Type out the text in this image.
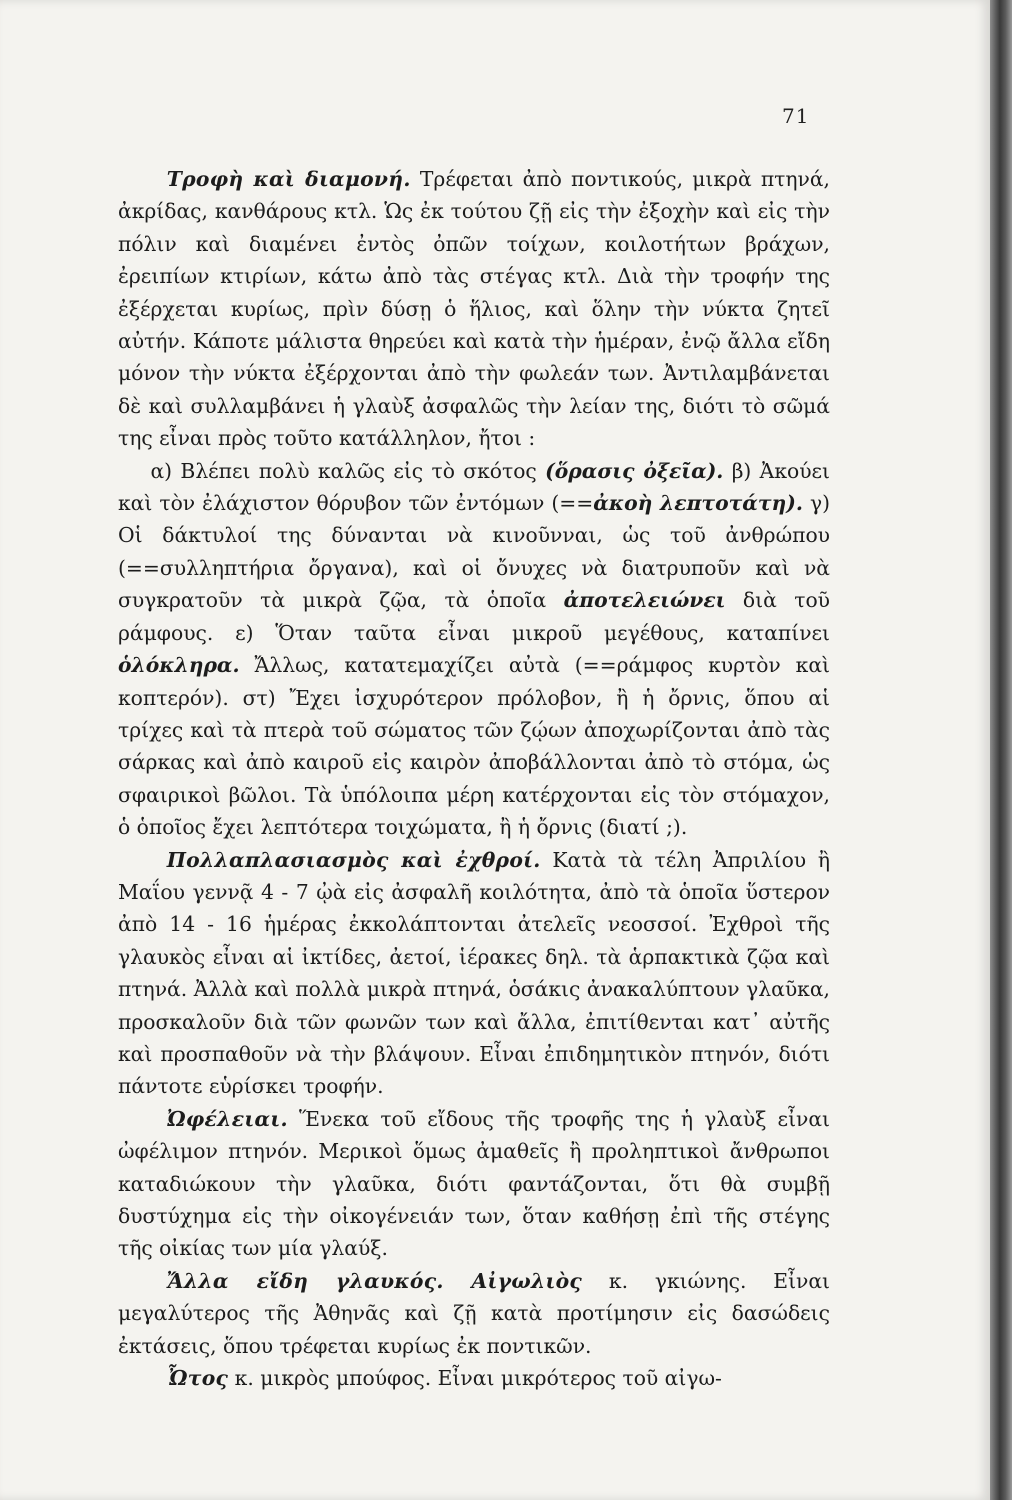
71

Τροφὴ καὶ διαμονή. Τρέφεται ἀπὸ ποντικούς, μικρὰ πτηνά, ἀκρίδας, κανθάρους κτλ. Ὡς ἐκ τούτου ζῇ εἰς τὴν ἐξοχὴν καὶ εἰς τὴν πόλιν καὶ διαμένει ἐντὸς ὀπῶν τοίχων, κοιλοτήτων βράχων, ἐρειπίων κτιρίων, κάτω ἀπὸ τὰς στέγας κτλ. Διὰ τὴν τροφήν της ἐξέρχεται κυρίως, πρὶν δύσῃ ὁ ἥλιος, καὶ ὅλην τὴν νύκτα ζητεῖ αὐτήν. Κάποτε μάλιστα θηρεύει καὶ κατὰ τὴν ἡμέραν, ἐνῷ ἄλλα εἴδη μόνον τὴν νύκτα ἐξέρχονται ἀπὸ τὴν φωλεάν των. Ἀντιλαμβάνεται δὲ καὶ συλλαμβάνει ἡ γλαὺξ ἀσφαλῶς τὴν λείαν της, διότι τὸ σῶμά της εἶναι πρὸς τοῦτο κατάλληλον, ἤτοι :

α) Βλέπει πολὺ καλῶς εἰς τὸ σκότος (ὅρασις ὀξεῖα). β) Ἀκούει καὶ τὸν ἐλάχιστον θόρυβον τῶν ἐντόμων (==ἀκοὴ λεπτοτάτη). γ) Οἱ δάκτυλοί της δύνανται νὰ κινοῦνναι, ὡς τοῦ ἀνθρώπου (==συλληπτήρια ὄργανα), καὶ οἱ ὄνυχες νὰ διατρυποῦν καὶ νὰ συγκρατοῦν τὰ μικρὰ ζῷα, τὰ ὁποῖα ἀποτελειώνει διὰ τοῦ ράμφους. ε) Ὅταν ταῦτα εἶναι μικροῦ μεγέθους, καταπίνει ὁλόκληρα. Ἄλλως, κατατεμαχίζει αὐτὰ (==ράμφος κυρτὸν καὶ κοπτερόν). στ) Ἔχει ἰσχυρότερον πρόλοβον, ἢ ἡ ὄρνις, ὅπου αἱ τρίχες καὶ τὰ πτερὰ τοῦ σώματος τῶν ζῴων ἀποχωρίζονται ἀπὸ τὰς σάρκας καὶ ἀπὸ καιροῦ εἰς καιρὸν ἀποβάλλονται ἀπὸ τὸ στόμα, ὡς σφαιρικοὶ βῶλοι. Τὰ ὑπόλοιπα μέρη κατέρχονται εἰς τὸν στόμαχον, ὁ ὁποῖος ἔχει λεπτότερα τοιχώματα, ἢ ἡ ὄρνις (διατί ;).

Πολλαπλασιασμὸς καὶ ἐχθροί. Κατὰ τὰ τέλη Ἀπριλίου ἢ Μαΐου γεννᾷ 4 - 7 ᾠὰ εἰς ἀσφαλῆ κοιλότητα, ἀπὸ τὰ ὁποῖα ὕστερον ἀπὸ 14 - 16 ἡμέρας ἐκκολάπτονται ἀτελεῖς νεοσσοί. Ἐχθροὶ τῆς γλαυκὸς εἶναι αἱ ἰκτίδες, ἀετοί, ἱέρακες δηλ. τὰ ἁρπακτικὰ ζῷα καὶ πτηνά. Ἀλλὰ καὶ πολλὰ μικρὰ πτηνά, ὁσάκις ἀνακαλύπτουν γλαῦκα, προσκαλοῦν διὰ τῶν φωνῶν των καὶ ἄλλα, ἐπιτίθενται κατ᾽ αὐτῆς καὶ προσπαθοῦν νὰ τὴν βλάψουν. Εἶναι ἐπιδημητικὸν πτηνόν, διότι πάντοτε εὑρίσκει τροφήν.

Ὠφέλειαι. Ἕνεκα τοῦ εἴδους τῆς τροφῆς της ἡ γλαὺξ εἶναι ὠφέλιμον πτηνόν. Μερικοὶ ὅμως ἀμαθεῖς ἢ προληπτικοὶ ἄνθρωποι καταδιώκουν τὴν γλαῦκα, διότι φαντάζονται, ὅτι θὰ συμβῇ δυστύχημα εἰς τὴν οἰκογένειάν των, ὅταν καθήσῃ ἐπὶ τῆς στέγης τῆς οἰκίας των μία γλαύξ.

Ἄλλα εἴδη γλαυκός. Αἰγωλιὸς κ. γκιώνης. Εἶναι μεγαλύτερος τῆς Ἀθηνᾶς καὶ ζῇ κατὰ προτίμησιν εἰς δασώδεις ἐκτάσεις, ὅπου τρέφεται κυρίως ἐκ ποντικῶν.

Ὦτος κ. μικρὸς μπούφος. Εἶναι μικρότερος τοῦ αἰγω-
